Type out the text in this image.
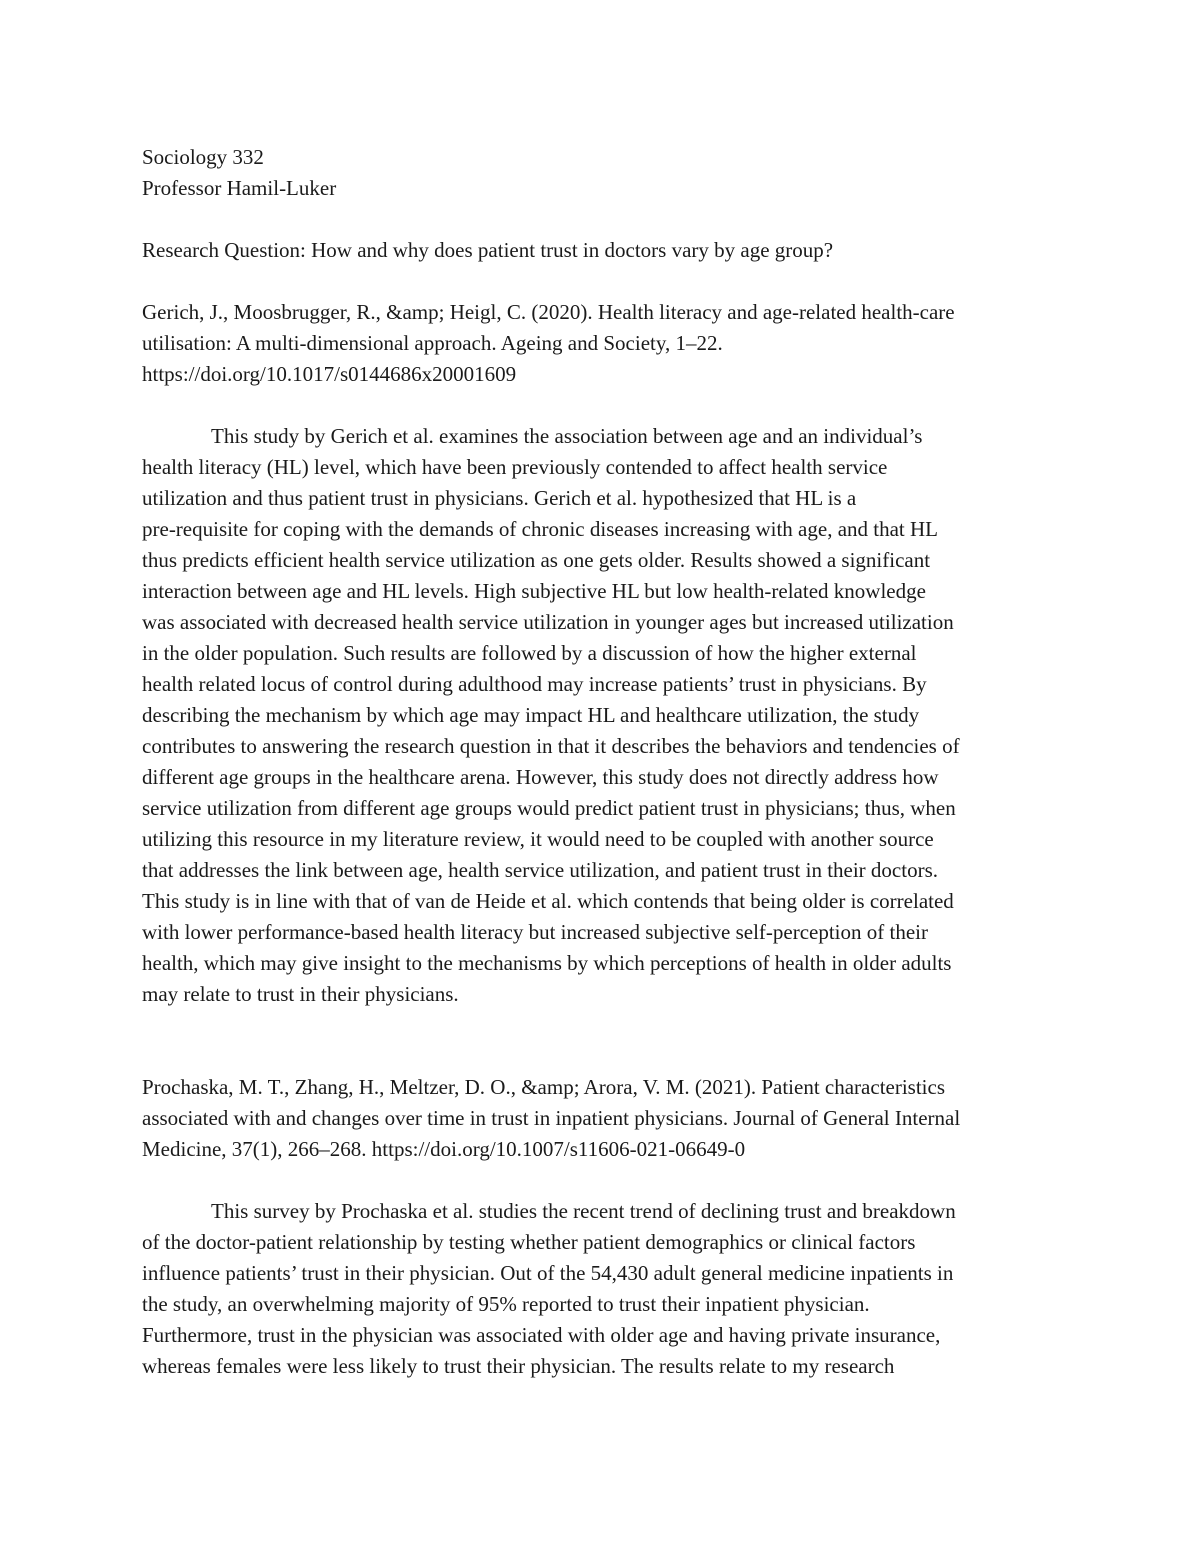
Sociology 332
Professor Hamil-Luker
Research Question: How and why does patient trust in doctors vary by age group?
Gerich, J., Moosbrugger, R., &amp; Heigl, C. (2020). Health literacy and age-related health-care
utilisation: A multi-dimensional approach. Ageing and Society, 1–22.
https://doi.org/10.1017/s0144686x20001609
This study by Gerich et al. examines the association between age and an individual’s
health literacy (HL) level, which have been previously contended to affect health service
utilization and thus patient trust in physicians. Gerich et al. hypothesized that HL is a
pre-requisite for coping with the demands of chronic diseases increasing with age, and that HL
thus predicts efficient health service utilization as one gets older. Results showed a significant
interaction between age and HL levels. High subjective HL but low health-related knowledge
was associated with decreased health service utilization in younger ages but increased utilization
in the older population. Such results are followed by a discussion of how the higher external
health related locus of control during adulthood may increase patients’ trust in physicians. By
describing the mechanism by which age may impact HL and healthcare utilization, the study
contributes to answering the research question in that it describes the behaviors and tendencies of
different age groups in the healthcare arena. However, this study does not directly address how
service utilization from different age groups would predict patient trust in physicians; thus, when
utilizing this resource in my literature review, it would need to be coupled with another source
that addresses the link between age, health service utilization, and patient trust in their doctors.
This study is in line with that of van de Heide et al. which contends that being older is correlated
with lower performance-based health literacy but increased subjective self-perception of their
health, which may give insight to the mechanisms by which perceptions of health in older adults
may relate to trust in their physicians.
Prochaska, M. T., Zhang, H., Meltzer, D. O., &amp; Arora, V. M. (2021). Patient characteristics
associated with and changes over time in trust in inpatient physicians. Journal of General Internal
Medicine, 37(1), 266–268. https://doi.org/10.1007/s11606-021-06649-0
This survey by Prochaska et al. studies the recent trend of declining trust and breakdown
of the doctor-patient relationship by testing whether patient demographics or clinical factors
influence patients’ trust in their physician. Out of the 54,430 adult general medicine inpatients in
the study, an overwhelming majority of 95% reported to trust their inpatient physician.
Furthermore, trust in the physician was associated with older age and having private insurance,
whereas females were less likely to trust their physician. The results relate to my research
